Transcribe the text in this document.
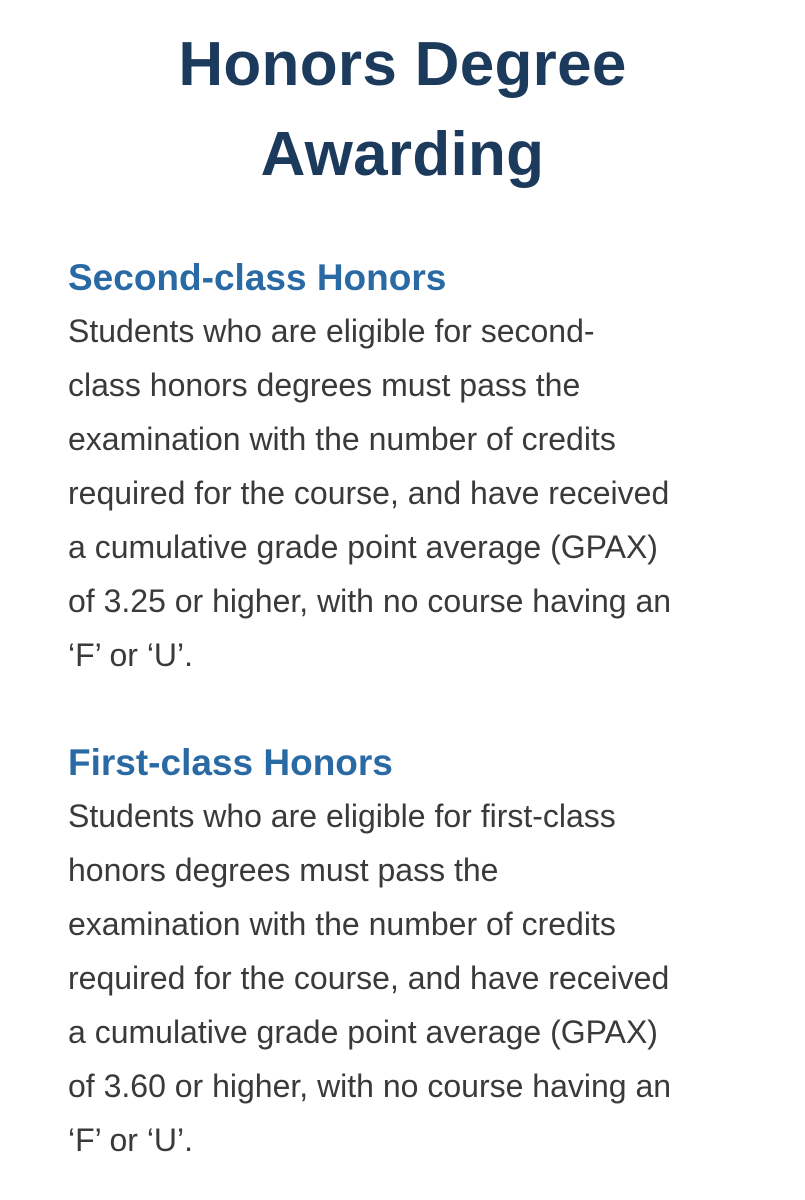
Honors Degree
Awarding
Second-class Honors

Students who are eligible for second-
class honors degrees must pass the
examination with the number of credits
required for the course, and have received
a cumulative grade point average (GPAX)
of 3.25 or higher, with no course having an
‘F’ or ‘U’.

First-class Honors

Students who are eligible for first-class
honors degrees must pass the
examination with the number of credits
required for the course, and have received
a cumulative grade point average (GPAX)
of 3.60 or higher, with no course having an
‘F’ or ‘U’.
